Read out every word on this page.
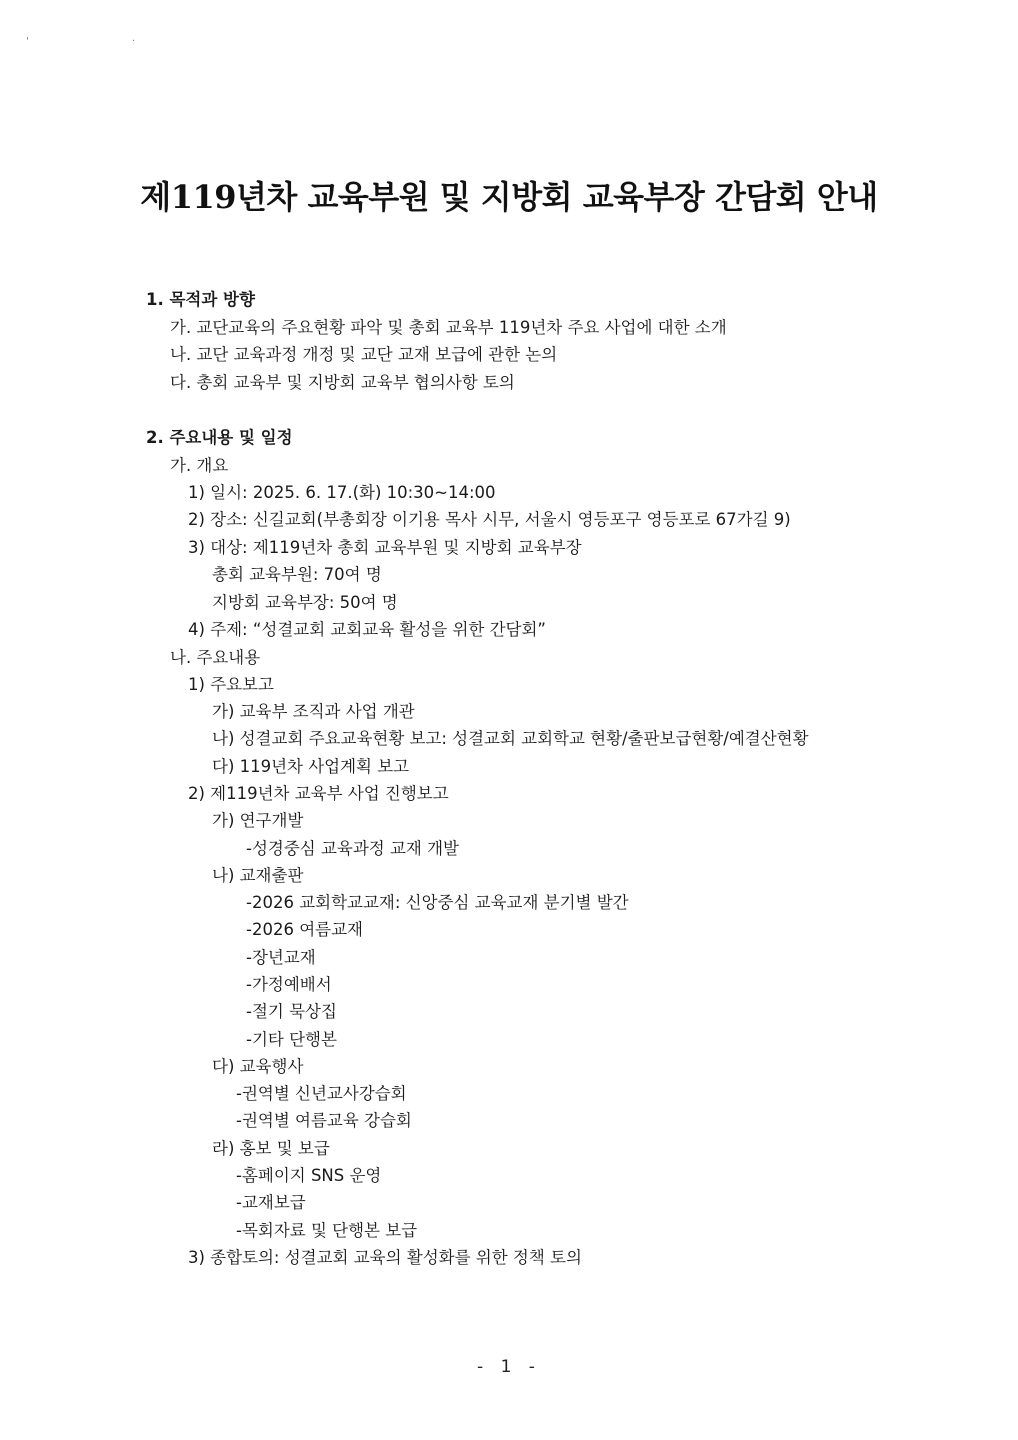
' ·
제119년차 교육부원 및 지방회 교육부장 간담회 안내
1. 목적과 방향
가. 교단교육의 주요현황 파악 및 총회 교육부 119년차 주요 사업에 대한 소개
나. 교단 교육과정 개정 및 교단 교재 보급에 관한 논의
다. 총회 교육부 및 지방회 교육부 협의사항 토의
2. 주요내용 및 일정
가. 개요
1) 일시: 2025. 6. 17.(화) 10:30~14:00
2) 장소: 신길교회(부총회장 이기용 목사 시무, 서울시 영등포구 영등포로 67가길 9)
3) 대상: 제119년차 총회 교육부원 및 지방회 교육부장
총회 교육부원: 70여 명
지방회 교육부장: 50여 명
4) 주제: “성결교회 교회교육 활성을 위한 간담회”
나. 주요내용
1) 주요보고
가) 교육부 조직과 사업 개관
나) 성결교회 주요교육현황 보고: 성결교회 교회학교 현황/출판보급현황/예결산현황
다) 119년차 사업계획 보고
2) 제119년차 교육부 사업 진행보고
가) 연구개발
-성경중심 교육과정 교재 개발
나) 교재출판
-2026 교회학교교재: 신앙중심 교육교재 분기별 발간
-2026 여름교재
-장년교재
-가정예배서
-절기 묵상집
-기타 단행본
다) 교육행사
-권역별 신년교사강습회
-권역별 여름교육 강습회
라) 홍보 및 보급
-홈페이지 SNS 운영
-교재보급
-목회자료 및 단행본 보급
3) 종합토의: 성결교회 교육의 활성화를 위한 정책 토의
- 1 -
